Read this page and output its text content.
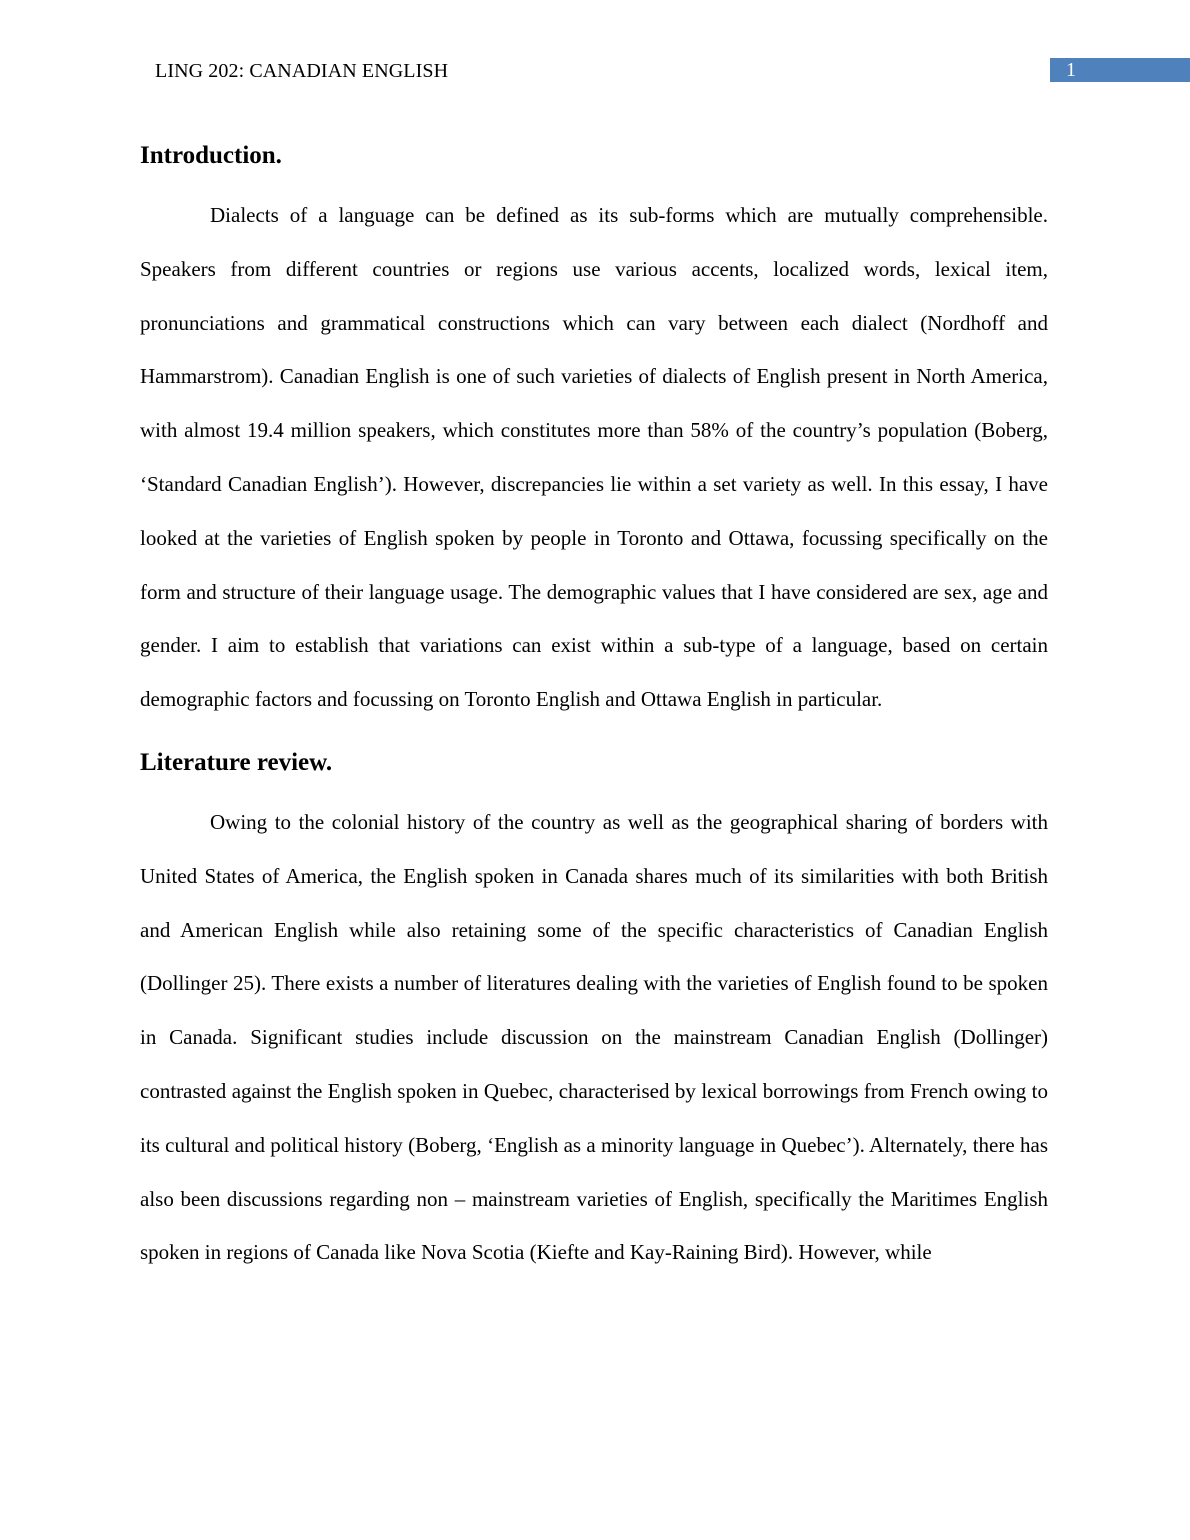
LING 202: CANADIAN ENGLISH	1
Introduction.

Dialects of a language can be defined as its sub-forms which are mutually comprehensible. Speakers from different countries or regions use various accents, localized words, lexical item, pronunciations and grammatical constructions which can vary between each dialect (Nordhoff and Hammarstrom). Canadian English is one of such varieties of dialects of English present in North America, with almost 19.4 million speakers, which constitutes more than 58% of the country’s population (Boberg, ‘Standard Canadian English’). However, discrepancies lie within a set variety as well. In this essay, I have looked at the varieties of English spoken by people in Toronto and Ottawa, focussing specifically on the form and structure of their language usage. The demographic values that I have considered are sex, age and gender. I aim to establish that variations can exist within a sub-type of a language, based on certain demographic factors and focussing on Toronto English and Ottawa English in particular.

Literature review.

Owing to the colonial history of the country as well as the geographical sharing of borders with United States of America, the English spoken in Canada shares much of its similarities with both British and American English while also retaining some of the specific characteristics of Canadian English (Dollinger 25). There exists a number of literatures dealing with the varieties of English found to be spoken in Canada. Significant studies include discussion on the mainstream Canadian English (Dollinger) contrasted against the English spoken in Quebec, characterised by lexical borrowings from French owing to its cultural and political history (Boberg, ‘English as a minority language in Quebec’). Alternately, there has also been discussions regarding non – mainstream varieties of English, specifically the Maritimes English spoken in regions of Canada like Nova Scotia (Kiefte and Kay-Raining Bird). However, while
